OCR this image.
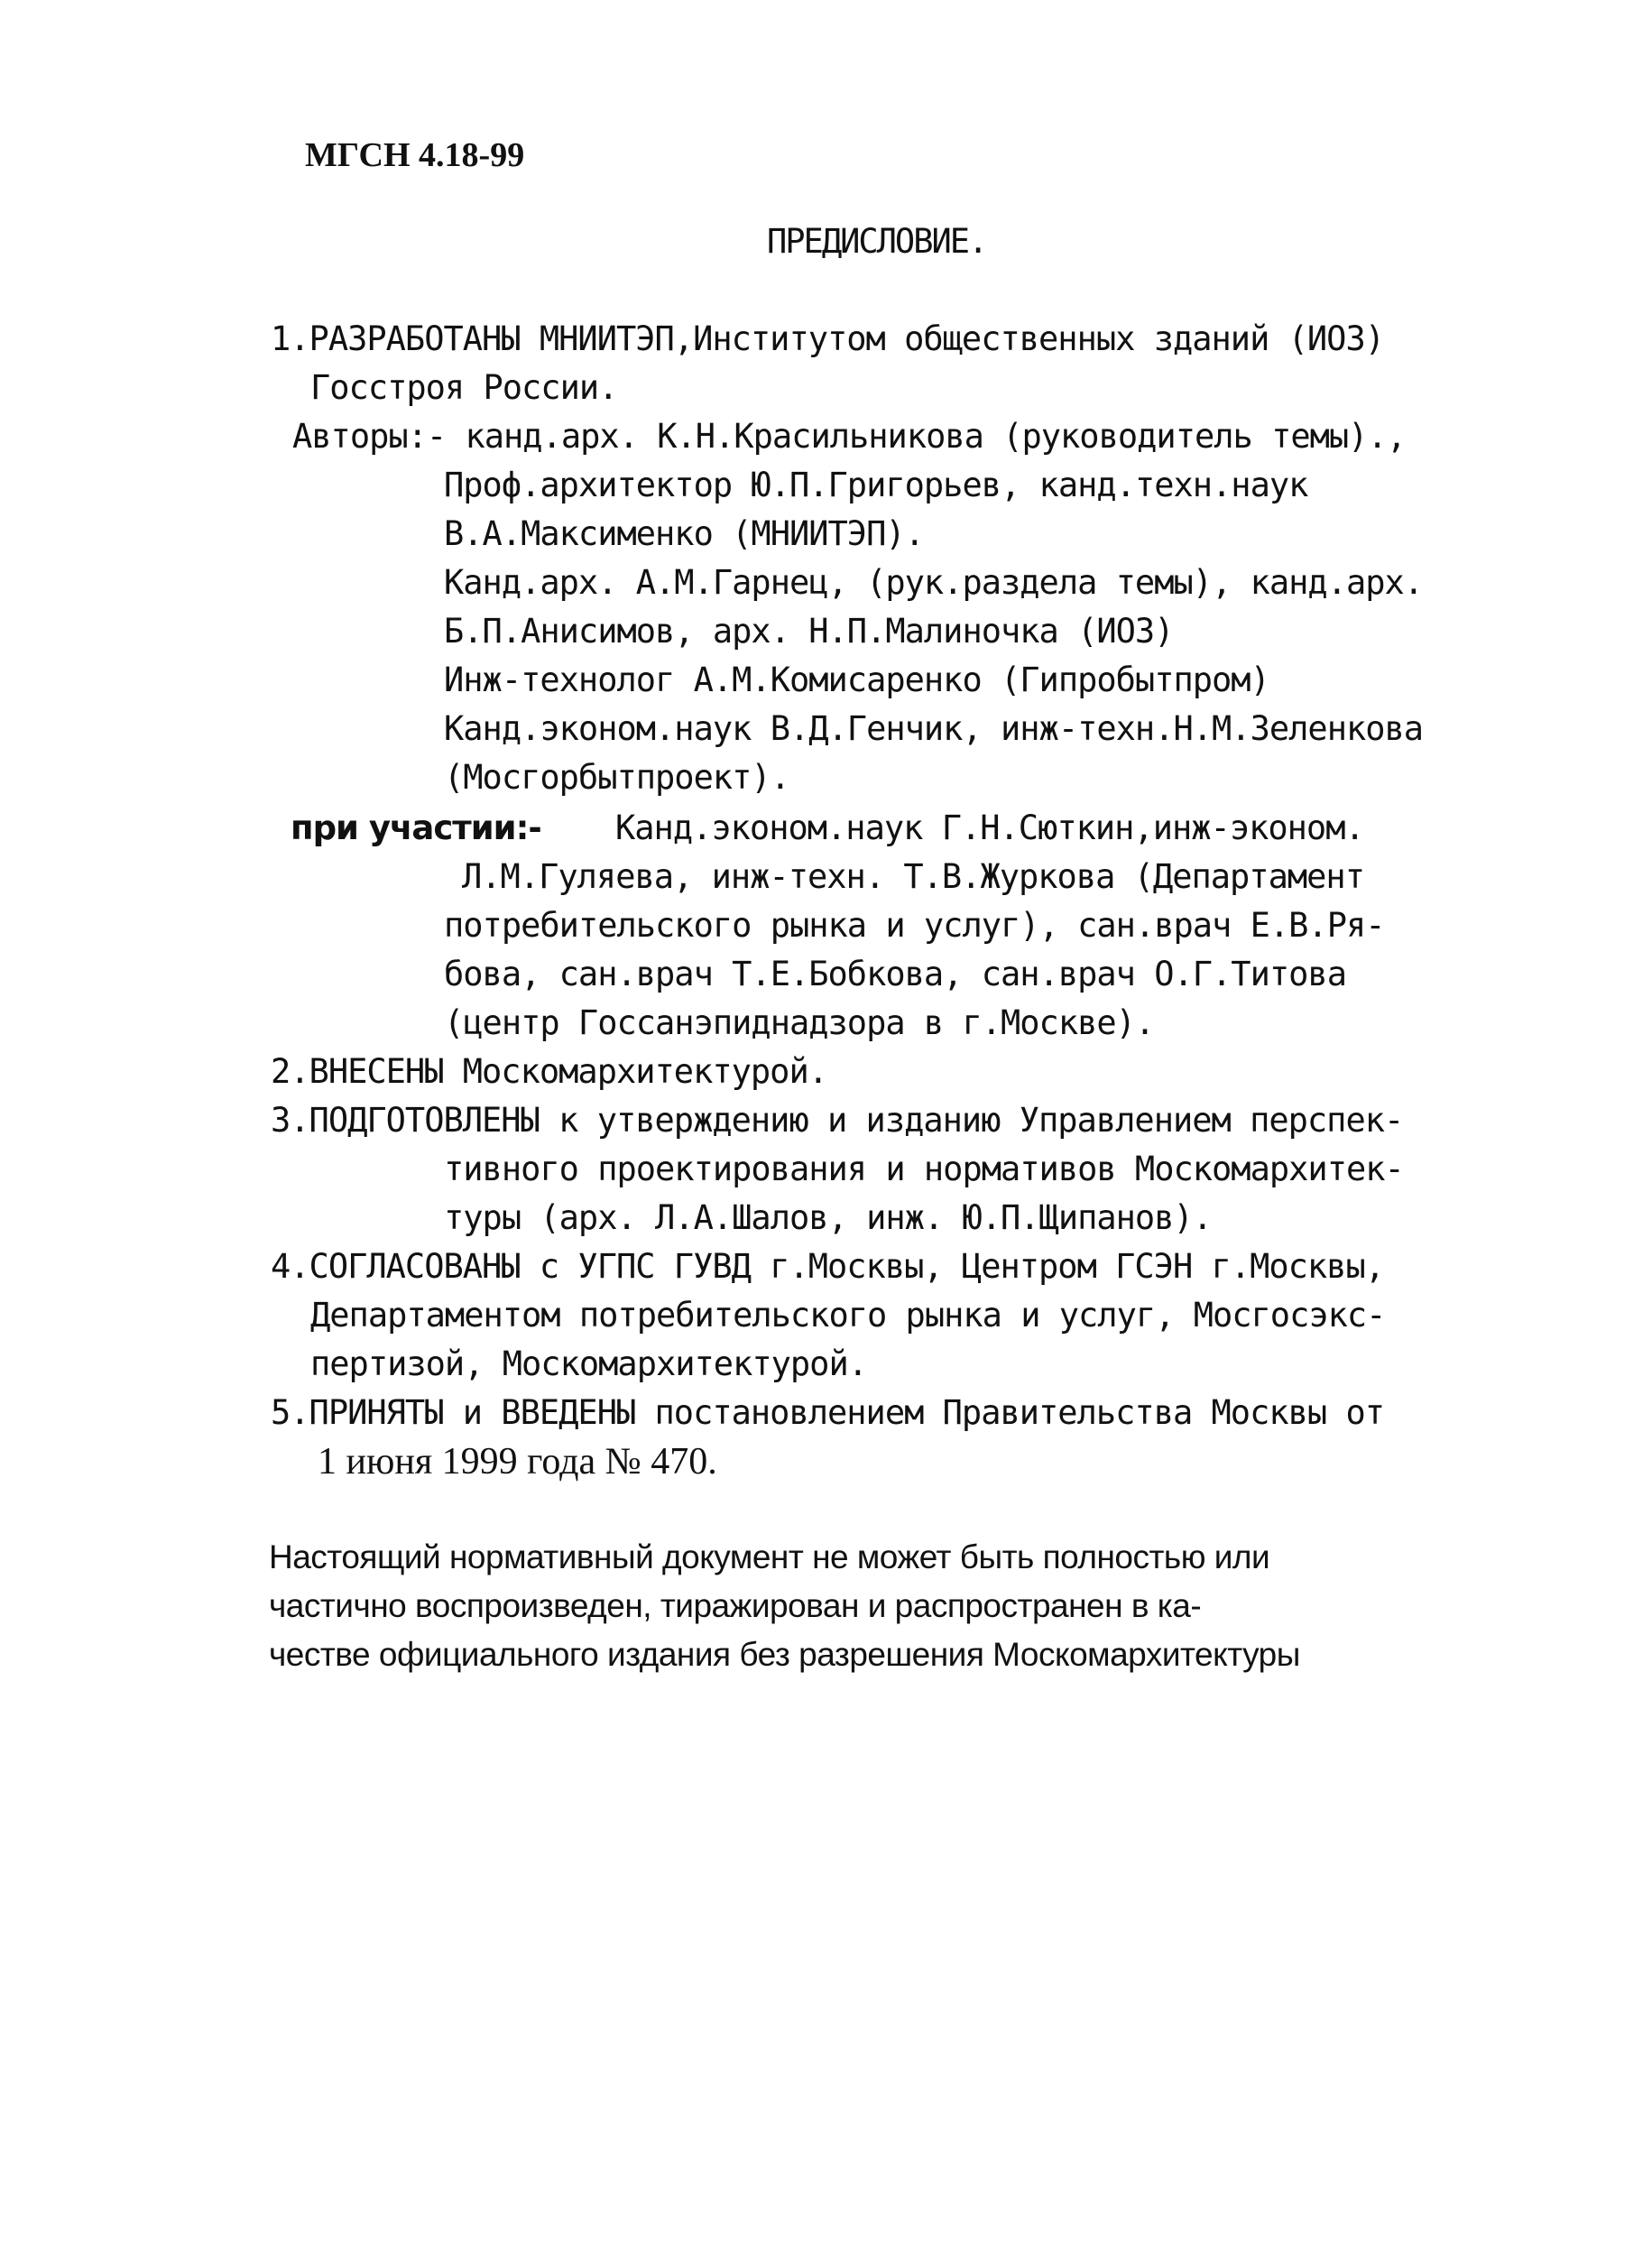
МГСН 4.18-99
ПРЕДИСЛОВИЕ.
1.РАЗРАБОТАНЫ МНИИТЭП,Институтом общественных зданий (ИОЗ)
Госстроя России.
Авторы:- канд.арх. К.Н.Красильникова (руководитель темы).,
Проф.архитектор Ю.П.Григорьев, канд.техн.наук
В.А.Максименко (МНИИТЭП).
Канд.арх. А.М.Гарнец, (рук.раздела темы), канд.арх.
Б.П.Анисимов, арх. Н.П.Малиночка (ИОЗ)
Инж-технолог А.М.Комисаренко (Гипробытпром)
Канд.эконом.наук В.Д.Генчик, инж-техн.Н.М.Зеленкова
(Мосгорбытпроект).
при участии:- Канд.эконом.наук Г.Н.Сюткин,инж-эконом.
Л.М.Гуляева, инж-техн. Т.В.Журкова (Департамент
потребительского рынка и услуг), сан.врач Е.В.Ря-
бова, сан.врач Т.Е.Бобкова, сан.врач О.Г.Титова
(центр Госсанэпиднадзора в г.Москве).
2.ВНЕСЕНЫ Москомархитектурой.
3.ПОДГОТОВЛЕНЫ к утверждению и изданию Управлением перспек-
тивного проектирования и нормативов Москомархитек-
туры (арх. Л.А.Шалов, инж. Ю.П.Щипанов).
4.СОГЛАСОВАНЫ с УГПС ГУВД г.Москвы, Центром ГСЭН г.Москвы,
Департаментом потребительского рынка и услуг, Мосгосэкс-
пертизой, Москомархитектурой.
5.ПРИНЯТЫ и ВВЕДЕНЫ постановлением Правительства Москвы от
1 июня 1999 года № 470.
Настоящий нормативный документ не может быть полностью или
частично воспроизведен, тиражирован и распространен в ка-
честве официального издания без разрешения Москомархитектуры
